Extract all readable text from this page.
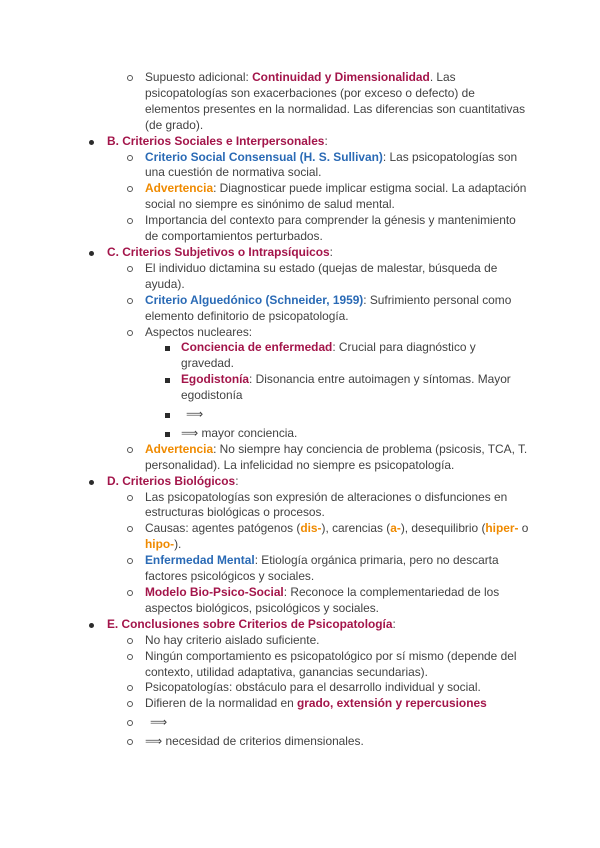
Supuesto adicional: Continuidad y Dimensionalidad. Las psicopatologías son exacerbaciones (por exceso o defecto) de elementos presentes en la normalidad. Las diferencias son cuantitativas (de grado).
B. Criterios Sociales e Interpersonales:
Criterio Social Consensual (H. S. Sullivan): Las psicopatologías son una cuestión de normativa social.
Advertencia: Diagnosticar puede implicar estigma social. La adaptación social no siempre es sinónimo de salud mental.
Importancia del contexto para comprender la génesis y mantenimiento de comportamientos perturbados.
C. Criterios Subjetivos o Intrapsíquicos:
El individuo dictamina su estado (quejas de malestar, búsqueda de ayuda).
Criterio Alguedónico (Schneider, 1959): Sufrimiento personal como elemento definitorio de psicopatología.
Aspectos nucleares:
Conciencia de enfermedad: Crucial para diagnóstico y gravedad.
Egodistonía: Disonancia entre autoimagen y síntomas. Mayor egodistonía
⟹
⟹ mayor conciencia.
Advertencia: No siempre hay conciencia de problema (psicosis, TCA, T. personalidad). La infelicidad no siempre es psicopatología.
D. Criterios Biológicos:
Las psicopatologías son expresión de alteraciones o disfunciones en estructuras biológicas o procesos.
Causas: agentes patógenos (dis-), carencias (a-), desequilibrio (hiper- o hipo-).
Enfermedad Mental: Etiología orgánica primaria, pero no descarta factores psicológicos y sociales.
Modelo Bio-Psico-Social: Reconoce la complementariedad de los aspectos biológicos, psicológicos y sociales.
E. Conclusiones sobre Criterios de Psicopatología:
No hay criterio aislado suficiente.
Ningún comportamiento es psicopatológico por sí mismo (depende del contexto, utilidad adaptativa, ganancias secundarias).
Psicopatologías: obstáculo para el desarrollo individual y social.
Difieren de la normalidad en grado, extensión y repercusiones
⟹
⟹ necesidad de criterios dimensionales.
